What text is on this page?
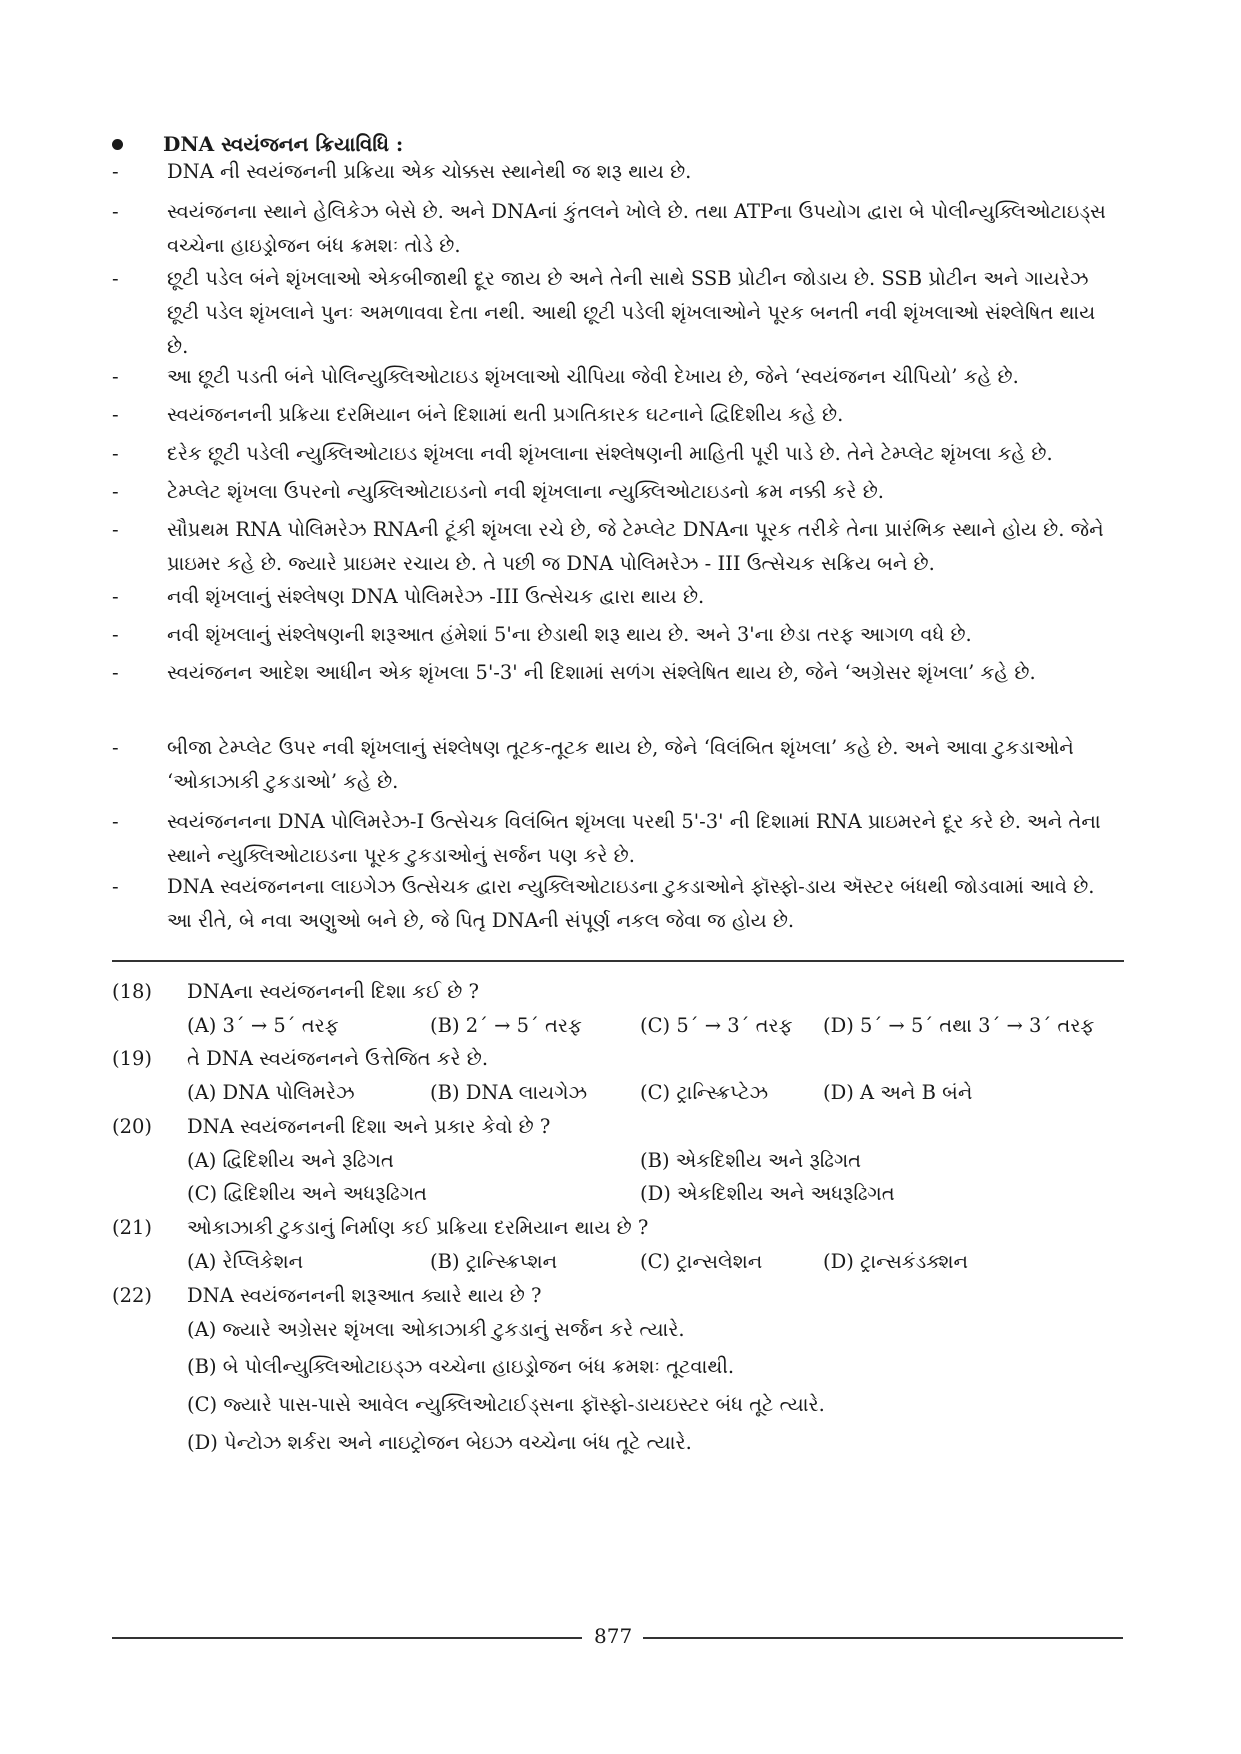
DNA સ્વયંજનન ક્રિયાવિધિ :
-	DNA ની સ્વયંજનની પ્રક્રિયા એક ચોક્કસ સ્થાનેથી જ શરૂ થાય છે.
-	સ્વયંજનના સ્થાને હેલિકેઝ બેસે છે. અને DNAનાં કુંતલને ખોલે છે. તથા ATPના ઉપયોગ દ્વારા બે પોલીન્યુક્લિઓટાઇડ્સ વચ્ચેના હાઇડ્રોજન બંધ ક્રમશઃ તોડે છે.
-	છૂટી પડેલ બંને શૃંખલાઓ એકબીજાથી દૂર જાય છે અને તેની સાથે SSB પ્રોટીન જોડાય છે. SSB પ્રોટીન અને ગાયરેઝ છૂટી પડેલ શૃંખલાને પુનઃ અમળાવવા દેતા નથી. આથી છૂટી પડેલી શૃંખલાઓને પૂરક બનતી નવી શૃંખલાઓ સંશ્લેષિત થાય છે.
-	આ છૂટી પડતી બંને પોલિન્યુક્લિઓટાઇડ શૃંખલાઓ ચીપિયા જેવી દેખાય છે, જેને ‘સ્વયંજનન ચીપિયો’ કહે છે.
-	સ્વયંજનનની પ્રક્રિયા દરમિયાન બંને દિશામાં થતી પ્રગતિકારક ઘટનાને દ્વિદિશીય કહે છે.
-	દરેક છૂટી પડેલી ન્યુક્લિઓટાઇડ શૃંખલા નવી શૃંખલાના સંશ્લેષણની માહિતી પૂરી પાડે છે. તેને ટેમ્પ્લેટ શૃંખલા કહે છે.
-	ટેમ્પ્લેટ શૃંખલા ઉપરનો ન્યુક્લિઓટાઇડનો નવી શૃંખલાના ન્યુક્લિઓટાઇડનો ક્રમ નક્કી કરે છે.
-	સૌપ્રથમ RNA પોલિમરેઝ RNAની ટૂંકી શૃંખલા રચે છે, જે ટેમ્પ્લેટ DNAના પૂરક તરીકે તેના પ્રારંભિક સ્થાને હોય છે. જેને પ્રાઇમર કહે છે. જ્યારે પ્રાઇમર રચાય છે. તે પછી જ DNA પોલિમરેઝ - III ઉત્સેચક સક્રિય બને છે.
-	નવી શૃંખલાનું સંશ્લેષણ DNA પોલિમરેઝ -III ઉત્સેચક દ્વારા થાય છે.
-	નવી શૃંખલાનું સંશ્લેષણની શરૂઆત હંમેશાં 5'ના છેડાથી શરૂ થાય છે. અને 3'ના છેડા તરફ આગળ વધે છે.
-	સ્વયંજનન આદેશ આધીન એક શૃંખલા 5'-3' ની દિશામાં સળંગ સંશ્લેષિત થાય છે, જેને ‘અગ્રેસર શૃંખલા’ કહે છે.
-	બીજા ટેમ્પ્લેટ ઉપર નવી શૃંખલાનું સંશ્લેષણ તૂટક-તૂટક થાય છે, જેને ‘વિલંબિત શૃંખલા’ કહે છે. અને આવા ટુકડાઓને ‘ઓકાઝાકી ટુકડાઓ’ કહે છે.
-	સ્વયંજનનના DNA પોલિમરેઝ-I ઉત્સેચક વિલંબિત શૃંખલા પરથી 5'-3' ની દિશામાં RNA પ્રાઇમરને દૂર કરે છે. અને તેના સ્થાને ન્યુક્લિઓટાઇડના પૂરક ટુકડાઓનું સર્જન પણ કરે છે.
-	DNA સ્વયંજનનના લાઇગેઝ ઉત્સેચક દ્વારા ન્યુક્લિઓટાઇડના ટુકડાઓને ફૉસ્ફો-ડાય ઍસ્ટર બંધથી જોડવામાં આવે છે. આ રીતે, બે નવા અણુઓ બને છે, જે પિતૃ DNAની સંપૂર્ણ નકલ જેવા જ હોય છે.
(18) DNAના સ્વયંજનનની દિશા કઈ છે ?
(A) 3´ → 5´ તરફ	(B) 2´ → 5´ તરફ	(C) 5´ → 3´ તરફ (D) 5´ → 5´ તથા 3´ → 3´ તરફ
(19) તે DNA સ્વયંજનનને ઉત્તેજિત કરે છે.
(A) DNA પોલિમરેઝ	(B) DNA લાયગેઝ	(C) ટ્રાન્સ્ક્રિપ્ટેઝ	(D) A અને B બંને
(20) DNA સ્વયંજનનની દિશા અને પ્રકાર કેવો છે ?
(A) દ્વિદિશીય અને રૂઢિગત	(B) એકદિશીય અને રૂઢિગત
(C) દ્વિદિશીય અને અધરૂઢિગત	(D) એકદિશીય અને અધરૂઢિગત
(21) ઓકાઝાકી ટુકડાનું નિર્માણ કઈ પ્રક્રિયા દરમિયાન થાય છે ?
(A) રેપ્લિકેશન	(B) ટ્રાન્સ્ક્રિપ્શન	(C) ટ્રાન્સલેશન	(D) ટ્રાન્સકંડક્શન
(22) DNA સ્વયંજનનની શરૂઆત ક્યારે થાય છે ?
(A) જ્યારે અગ્રેસર શૃંખલા ઓકાઝાકી ટુકડાનું સર્જન કરે ત્યારે.
(B) બે પોલીન્યુક્લિઓટાઇડ્ઝ વચ્ચેના હાઇડ્રોજન બંધ ક્રમશઃ તૂટવાથી.
(C) જ્યારે પાસ-પાસે આવેલ ન્યુક્લિઓટાઈડ્સના ફૉસ્ફો-ડાયઇસ્ટર બંધ તૂટે ત્યારે.
(D) પેન્ટોઝ શર્કરા અને નાઇટ્રોજન બેઇઝ વચ્ચેના બંધ તૂટે ત્યારે.
877
